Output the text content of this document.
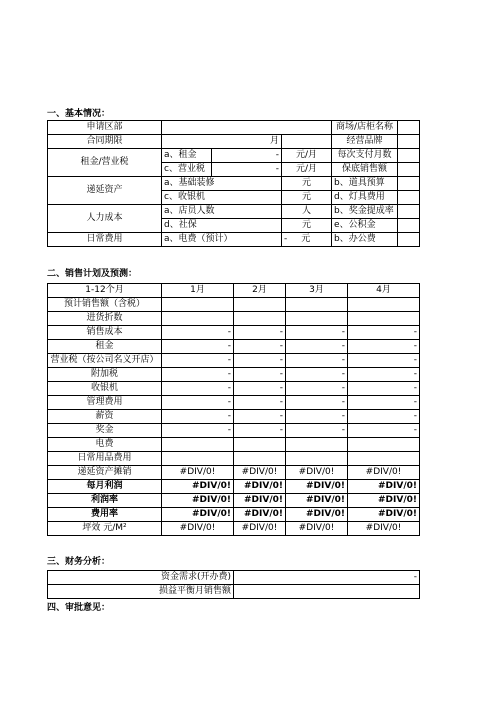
一、基本情况：
申请区部				商场/店柜名称	
合同期限	月			经营品牌	
租金/营业税	a、租金	-	元/月	每次支付月数	
	c、营业税	-	元/月	保底销售额	
递延资产	a、基础装修		元	b、道具预算	
	c、收银机		元	d、灯具费用	
人力成本	a、店员人数		人	b、奖金提成率	
	d、社保		元	e、公积金	
日常费用	a、电费（预计）		- 元	b、办公费	
二、销售计划及预测：
1-12个月	1月	2月	3月	4月
预计销售额（含税）				
进货折数				
销售成本	-	-	-	-
租金	-	-	-	-
营业税（按公司名义开店）	-	-	-	-
附加税	-	-	-	-
收银机	-	-	-	-
管理费用	-	-	-	-
薪资	-	-	-	-
奖金	-	-	-	-
电费				
日常用品费用				
递延资产摊销	#DIV/0!	#DIV/0!	#DIV/0!	#DIV/0!
每月利润	#DIV/0!	#DIV/0!	#DIV/0!	#DIV/0!
利润率	#DIV/0!	#DIV/0!	#DIV/0!	#DIV/0!
费用率	#DIV/0!	#DIV/0!	#DIV/0!	#DIV/0!
坪效 元/M²	#DIV/0!	#DIV/0!	#DIV/0!	#DIV/0!
三、财务分析：
资金需求(开办费)	-
损益平衡月销售额	
四、审批意见：
